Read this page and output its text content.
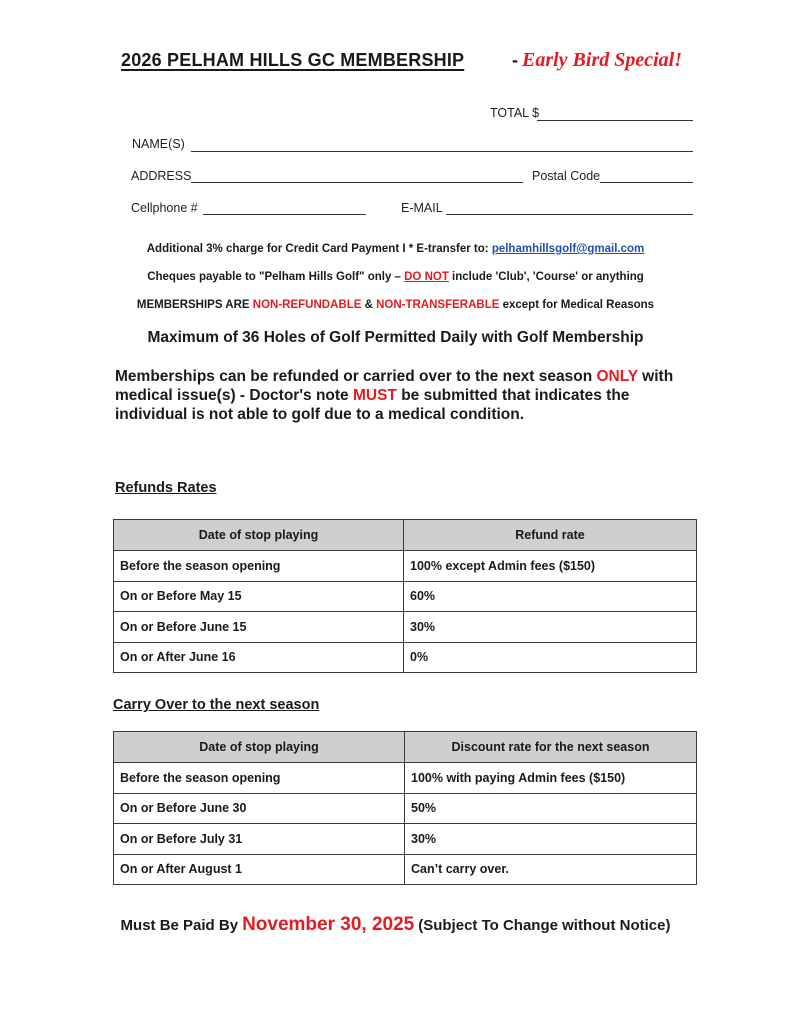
2026 PELHAM HILLS GC MEMBERSHIP	- Early Bird Special!
TOTAL $
NAME(S)
ADDRESS	Postal Code
Cellphone #	E-MAIL
Additional 3% charge for Credit Card Payment I * E-transfer to: pelhamhillsgolf@gmail.com
Cheques payable to "Pelham Hills Golf" only – DO NOT include 'Club', 'Course' or anything
MEMBERSHIPS ARE NON-REFUNDABLE & NON-TRANSFERABLE except for Medical Reasons
Maximum of 36 Holes of Golf Permitted Daily with Golf Membership
Memberships can be refunded or carried over to the next season ONLY with medical issue(s) - Doctor's note MUST be submitted that indicates the individual is not able to golf due to a medical condition.
Refunds Rates
Date of stop playing	Refund rate
Before the season opening	100% except Admin fees ($150)
On or Before May 15	60%
On or Before June 15	30%
On or After June 16	0%
Carry Over to the next season
Date of stop playing	Discount rate for the next season
Before the season opening	100% with paying Admin fees ($150)
On or Before June 30	50%
On or Before July 31	30%
On or After August 1	Can’t carry over.
Must Be Paid By November 30, 2025 (Subject To Change without Notice)
